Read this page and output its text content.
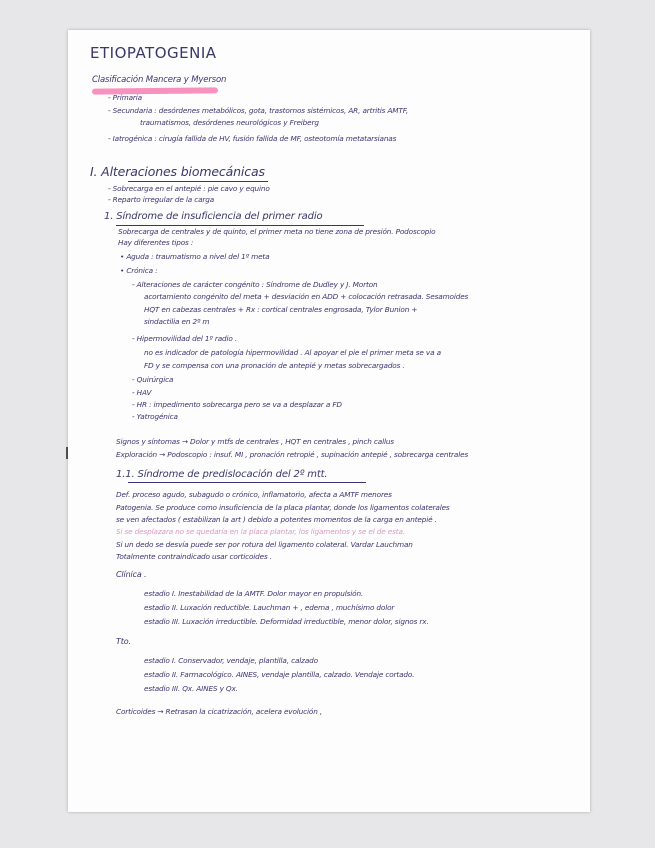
ETIOPATOGENIA
Clasificación Mancera y Myerson
- Primaria
- Secundaria : desórdenes metabólicos, gota, trastornos sistémicos, AR, artritis AMTF,
traumatismos, desórdenes neurológicos y Freiberg
- Iatrogénica : cirugía fallida de HV, fusión fallida de MF, osteotomía metatarsianas
I. Alteraciones biomecánicas
- Sobrecarga en el antepié : pie cavo y equino
- Reparto irregular de la carga
1. Síndrome de insuficiencia del primer radio
Sobrecarga de centrales y de quinto, el primer meta no tiene zona de presión. Podoscopio
Hay diferentes tipos :
• Aguda : traumatismo a nivel del 1º meta
• Crónica :
- Alteraciones de carácter congénito : Síndrome de Dudley y J. Morton
acortamiento congénito del meta + desviación en ADD + colocación retrasada. Sesamoides
HQT en cabezas centrales + Rx : cortical centrales engrosada, Tylor Bunion +
sindactilia en 2º m
- Hipermovilidad del 1º radio .
no es indicador de patología hipermovilidad . Al apoyar el pie el primer meta se va a
FD y se compensa con una pronación de antepié y metas sobrecargados .
- Quirúrgica
- HAV
- HR : impedimento sobrecarga pero se va a desplazar a FD
- Yatrogénica
Signos y síntomas → Dolor y mtfs de centrales , HQT en centrales , pinch callus
Exploración → Podoscopio : insuf. MI , pronación retropié , supinación antepié , sobrecarga centrales
1.1. Síndrome de predislocación del 2º mtt.
Def. proceso agudo, subagudo o crónico, inflamatorio, afecta a AMTF menores
Patogenia. Se produce como insuficiencia de la placa plantar, donde los ligamentos colaterales
se ven afectados ( estabilizan la art ) debido a potentes momentos de la carga en antepié .
Si se desplazara no se quedaría en la placa plantar, los ligamentos y se el de esta.
Si un dedo se desvía puede ser por rotura del ligamento colateral. Vardar Lauchman
Totalmente contraindicado usar corticoides .
Clínica .
estadio I. Inestabilidad de la AMTF. Dolor mayor en propulsión.
estadio II. Luxación reductible. Lauchman + , edema , muchísimo dolor
estadio III. Luxación irreductible. Deformidad irreductible, menor dolor, signos rx.
Tto.
estadio I. Conservador, vendaje, plantilla, calzado
estadio II. Farmacológico. AINES, vendaje plantilla, calzado. Vendaje cortado.
estadio III. Qx. AINES y Qx.
Corticoides → Retrasan la cicatrización, acelera evolución ,
